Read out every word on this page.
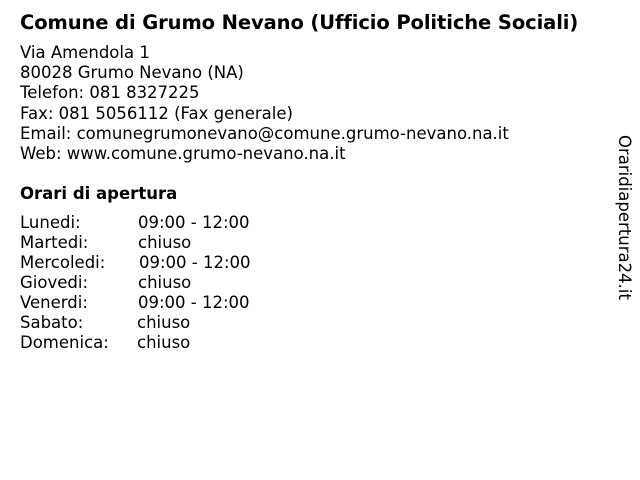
Comune di Grumo Nevano (Ufficio Politiche Sociali)
Via Amendola 1
80028 Grumo Nevano (NA)
Telefon: 081 8327225
Fax: 081 5056112 (Fax generale)
Email: comunegrumonevano@comune.grumo-nevano.na.it
Web: www.comune.grumo-nevano.na.it
Orari di apertura
Lunedi:	09:00 - 12:00
Martedi:	chiuso
Mercoledi: 09:00 - 12:00
Giovedi:	chiuso
Venerdi:	09:00 - 12:00
Sabato:	chiuso
Domenica: chiuso
Oraridiapertura24.it
